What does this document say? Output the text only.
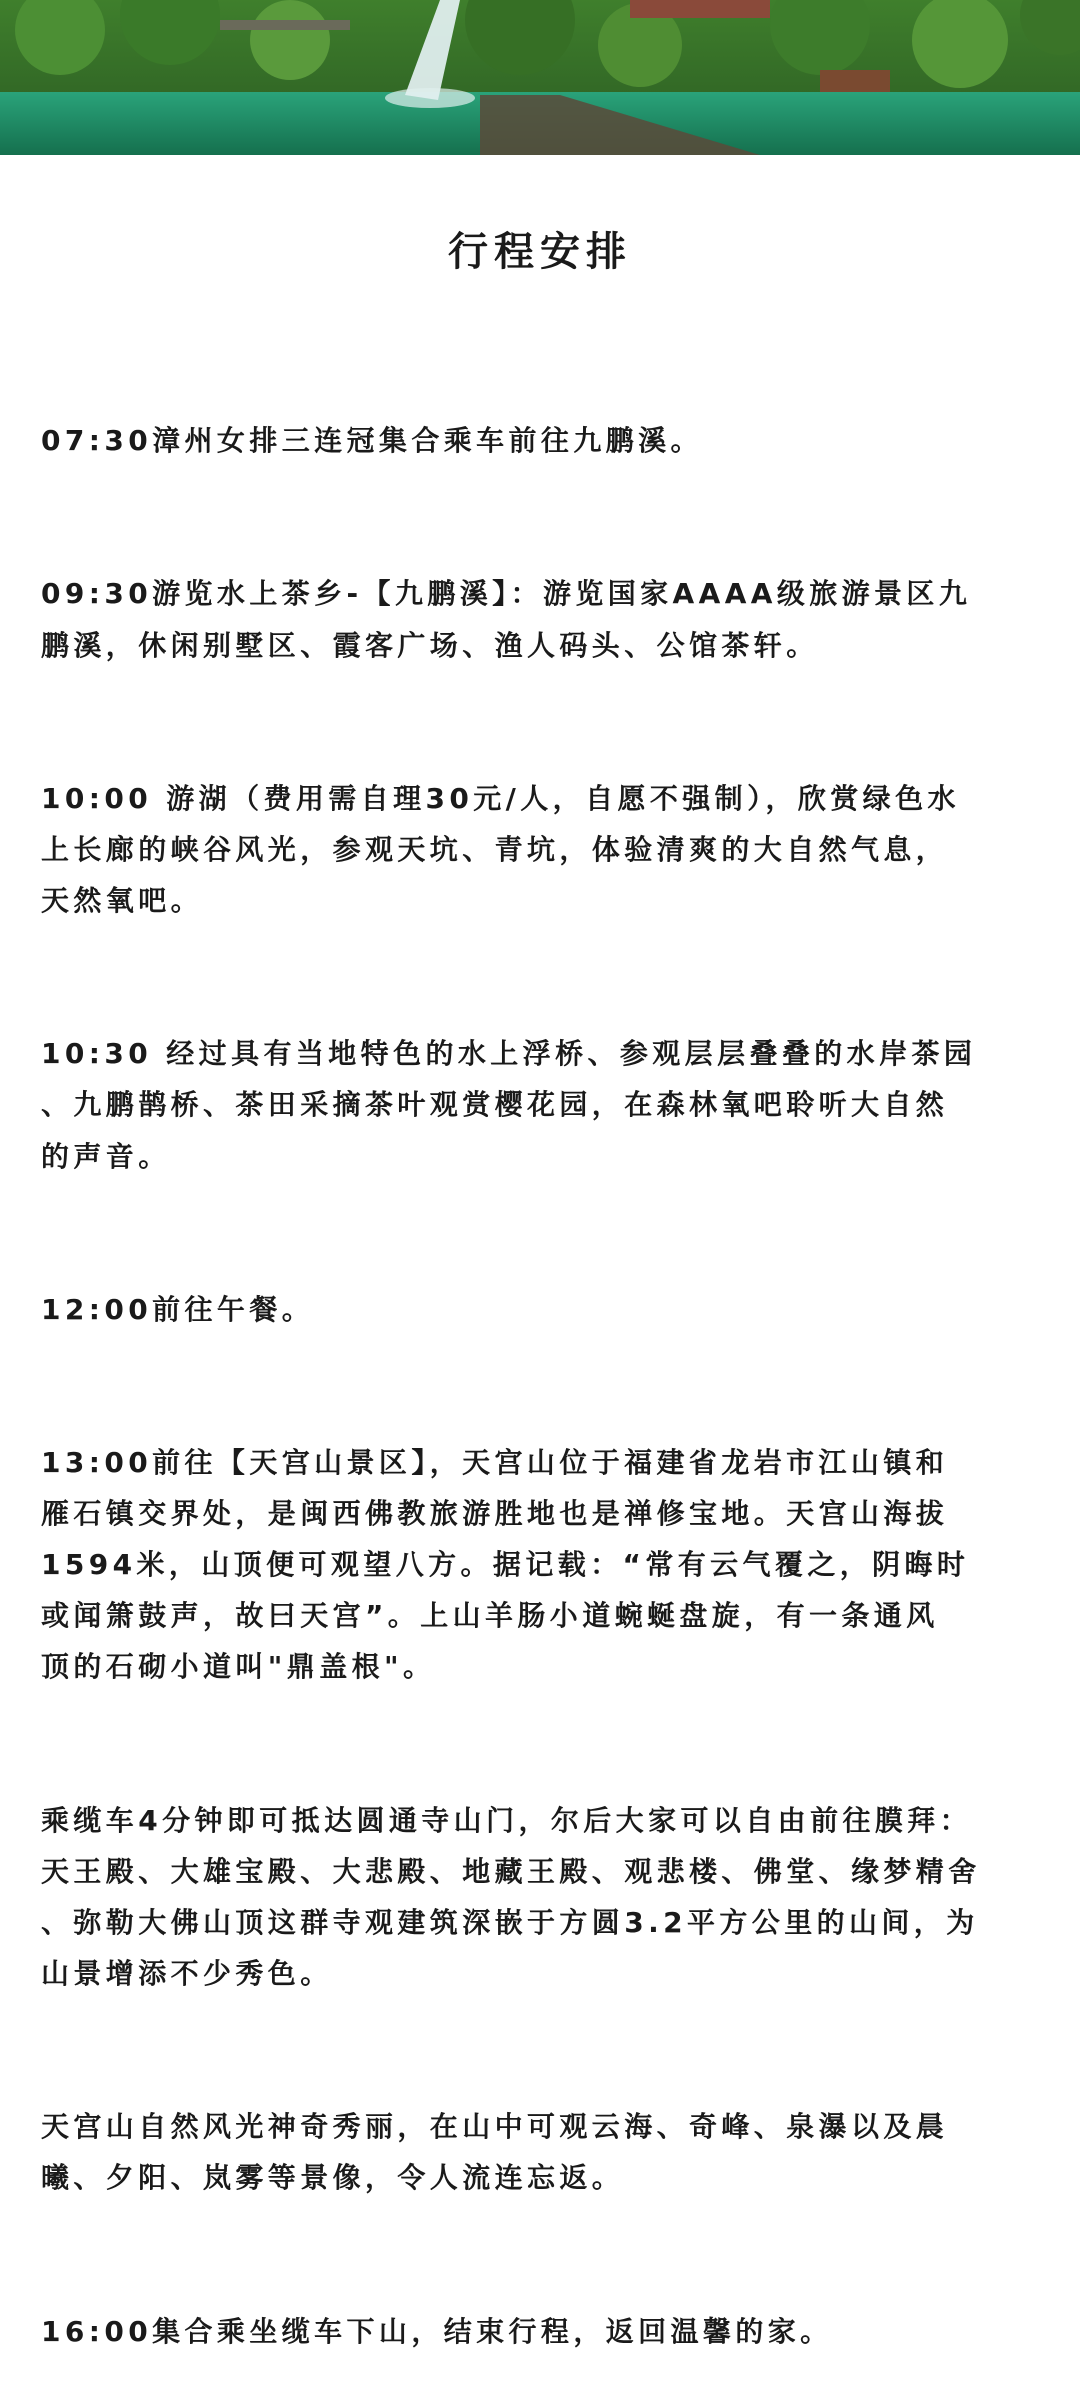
行程安排

07:30漳州女排三连冠集合乘车前往九鹏溪。

09:30游览水上茶乡-【九鹏溪】：游览国家AAAA级旅游景区九
鹏溪，休闲别墅区、霞客广场、渔人码头、公馆茶轩。

10:00 游湖（费用需自理30元/人，自愿不强制），欣赏绿色水
上长廊的峡谷风光，参观天坑、青坑，体验清爽的大自然气息，
天然氧吧。

10:30 经过具有当地特色的水上浮桥、参观层层叠叠的水岸茶园
、九鹏鹊桥、茶田采摘茶叶观赏樱花园，在森林氧吧聆听大自然
的声音。

12:00前往午餐。

13:00前往【天宫山景区】，天宫山位于福建省龙岩市江山镇和
雁石镇交界处，是闽西佛教旅游胜地也是禅修宝地。天宫山海拔
1594米，山顶便可观望八方。据记载：“常有云气覆之，阴晦时
或闻箫鼓声，故曰天宫”。上山羊肠小道蜿蜒盘旋，有一条通风
顶的石砌小道叫"鼎盖根"。

乘缆车4分钟即可抵达圆通寺山门，尔后大家可以自由前往膜拜：
天王殿、大雄宝殿、大悲殿、地藏王殿、观悲楼、佛堂、缘梦精舍
、弥勒大佛山顶这群寺观建筑深嵌于方圆3.2平方公里的山间，为
山景增添不少秀色。

天宫山自然风光神奇秀丽，在山中可观云海、奇峰、泉瀑以及晨
曦、夕阳、岚雾等景像，令人流连忘返。

16:00集合乘坐缆车下山，结束行程，返回温馨的家。
